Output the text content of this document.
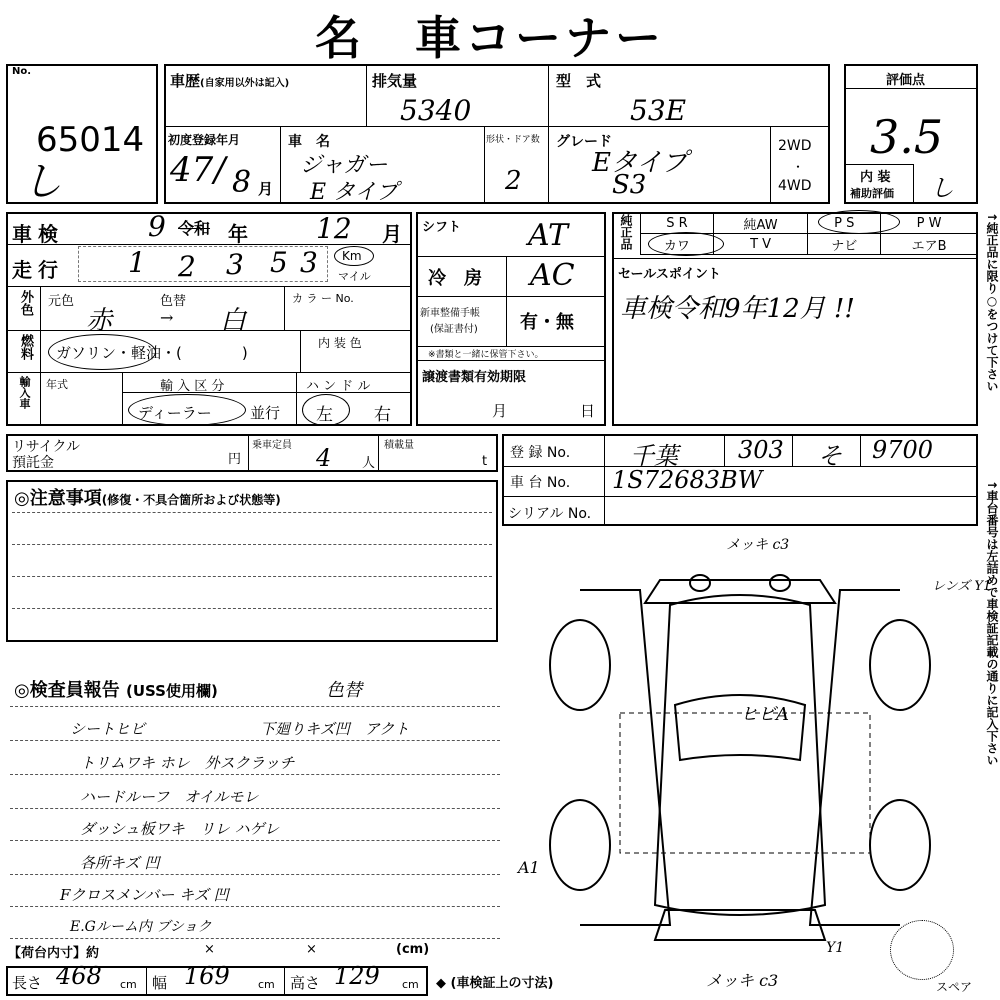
名　車コーナー
No.
65014
し
車歴(自家用以外は記入)	排気量
5340
型　式
53E
初度登録年月
47 / 8 月
車　名
ジャガー
E タイプ
形状・ドア数
2
グレード
Eタイプ
S3
2WD
・
4WD
評価点
3.5
内 装
補助評価 し
車検	9 令和 年 12 月
走行 1 2 3 5 3 Km
マイル
外色 元色	色替	カ ラ ー No.
赤	→ 白
燃料 ガソリン・軽油・(　　　　)
内 装 色
輸入車 年式	輸 入 区 分	ハ ン ド ル
ディーラー	並行 左 右
シフト AT
冷　房 AC
新車整備手帳
(保証書付) 有・無
※書類と一緒に保管下さい。
譲渡書類有効期限
月	日
純正品	S R	純AW	P S	P W
カワ	T V	ナビ	エアB
セールスポイント
車検令和9年12月 !!
リサイクル
預託金	円
乗車定員 4 人
積載量
t
登 録 No. 千葉	303 そ 9700
車 台 No. 1S72683BW
シリアル No.
◎注意事項(修復・不具合箇所および状態等)
◎検査員報告 (USS使用欄)	色替
シートヒビ	下廻りキズ凹　アクト
トリムワキ ホレ　外スクラッチ
ハードルーフ　オイルモレ
ダッシュ板ワキ　リレ ハゲレ
各所キズ 凹
Fクロスメンバー キズ 凹
E.Gルーム内 ブショク
メッキ c3
ヒビA
レンズ Y1
A1
Y1
スペア
【荷台内寸】約	×	×	(cm)
長さ 468 cm 幅 169	cm 高さ 129 cm ◆ (車検証上の寸法)	メッキ c3
↑純正品に限り○をつけて下さい
↑車台番号は左詰めで車検証記載の通りに記入下さい
